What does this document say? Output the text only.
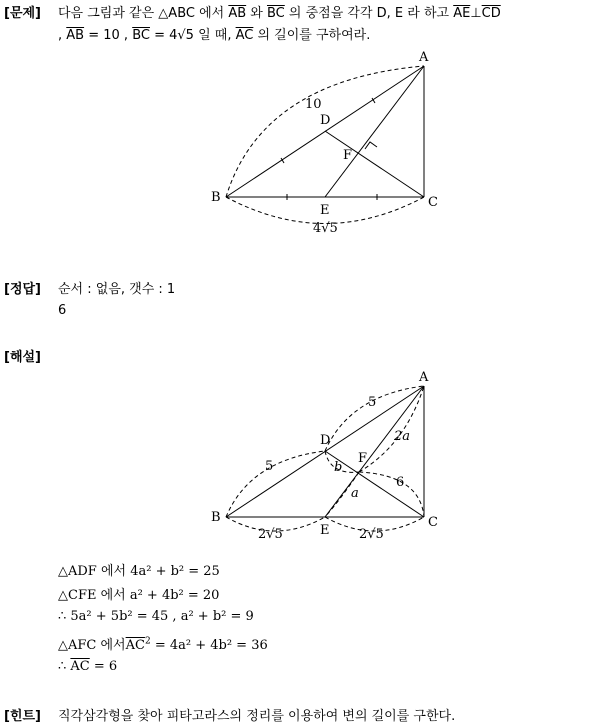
[문제] 다음 그림과 같은 △ABC 에서 $\overline{AB}$ 와 $\overline{BC}$ 의 중점을 각각 D, E 라 하고 $\overline{AE}\perp\overline{CD}$
, $\overline{AB} = 10$ , $\overline{BC} = 4√5$ 일 때, $\overline{AC}$ 의 길이를 구하여라.
A
B	C
D
E
F
10
4√5
[정답] 순서 : 없음, 갯수 : 1
6
[해설]
A
B	C
D
E
F
5
5
2a
6
a
b
2√5	2√5
△ADF 에서 4a² + b² = 25
△CFE 에서 a² + 4b² = 20
∴ 5a² + 5b² = 45 , a² + b² = 9
△AFC 에서$\overline{AC}^2 = 4a^2 + 4b^2 = 36$
∴ $\overline{AC} = 6$
[힌트] 직각삼각형을 찾아 피타고라스의 정리를 이용하여 변의 길이를 구한다.
